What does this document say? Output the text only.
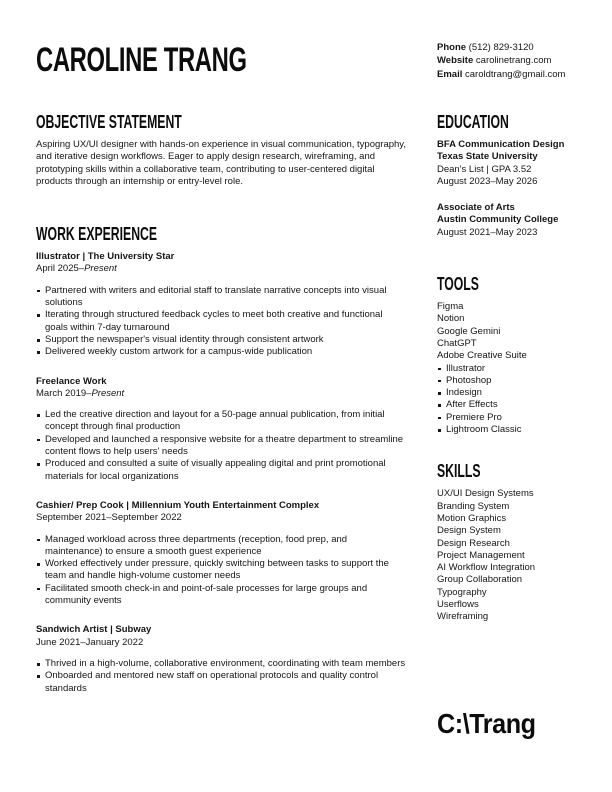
CAROLINE TRANG	Phone (512) 829-3120
Website carolinetrang.com
Email caroldtrang@gmail.com
OBJECTIVE STATEMENT

Aspiring UX/UI designer with hands-on experience in visual communication, typography, and iterative design workflows. Eager to apply design research, wireframing, and prototyping skills within a collaborative team, contributing to user-centered digital products through an internship or entry-level role.

WORK EXPERIENCE

Illustrator | The University Star

April 2025–Present

Partnered with writers and editorial staff to translate narrative concepts into visual solutions
Iterating through structured feedback cycles to meet both creative and functional goals within 7-day turnaround
Support the newspaper's visual identity through consistent artwork
Delivered weekly custom artwork for a campus-wide publication

Freelance Work

March 2019–Present

Led the creative direction and layout for a 50-page annual publication, from initial concept through final production
Developed and launched a responsive website for a theatre department to streamline content flows to help users' needs
Produced and consulted a suite of visually appealing digital and print promotional materials for local organizations

Cashier/ Prep Cook | Millennium Youth Entertainment Complex

September 2021–September 2022

Managed workload across three departments (reception, food prep, and maintenance) to ensure a smooth guest experience
Worked effectively under pressure, quickly switching between tasks to support the team and handle high-volume customer needs
Facilitated smooth check-in and point-of-sale processes for large groups and community events

Sandwich Artist | Subway

June 2021–January 2022

Thrived in a high-volume, collaborative environment, coordinating with team members
Onboarded and mentored new staff on operational protocols and quality control standards
EDUCATION
BFA Communication Design
Texas State University
Dean's List | GPA 3.52
August 2023–May 2026
Associate of Arts
Austin Community College
August 2021–May 2023
TOOLS
Figma
Notion
Google Gemini
ChatGPT
Adobe Creative Suite
Illustrator
Photoshop
Indesign
After Effects
Premiere Pro
Lightroom Classic
SKILLS
UX/UI Design Systems
Branding System
Motion Graphics
Design System
Design Research
Project Management
AI Workflow Integration
Group Collaboration
Typography
Userflows
Wireframing
C:\Trang
